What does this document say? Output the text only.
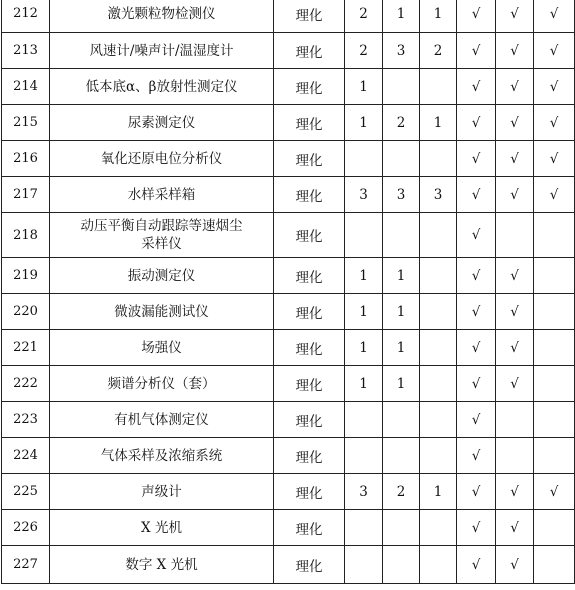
212	激光颗粒物检测仪	理化	2	1	1	√	√	√
213	风速计/噪声计/温湿度计	理化	2	3	2	√	√	√
214	低本底α、β放射性测定仪	理化	1			√	√	√
215	尿素测定仪	理化	1	2	1	√	√	√
216	氧化还原电位分析仪	理化				√	√	√
217	水样采样箱	理化	3	3	3	√	√	√
218	动压平衡自动跟踪等速烟尘采样仪	理化				√		
219	振动测定仪	理化	1	1		√	√	
220	微波漏能测试仪	理化	1	1		√	√	
221	场强仪	理化	1	1		√	√	
222	频谱分析仪（套）	理化	1	1		√	√	
223	有机气体测定仪	理化				√		
224	气体采样及浓缩系统	理化				√		
225	声级计	理化	3	2	1	√	√	√
226	X 光机	理化				√	√	
227	数字 X 光机	理化				√	√	
